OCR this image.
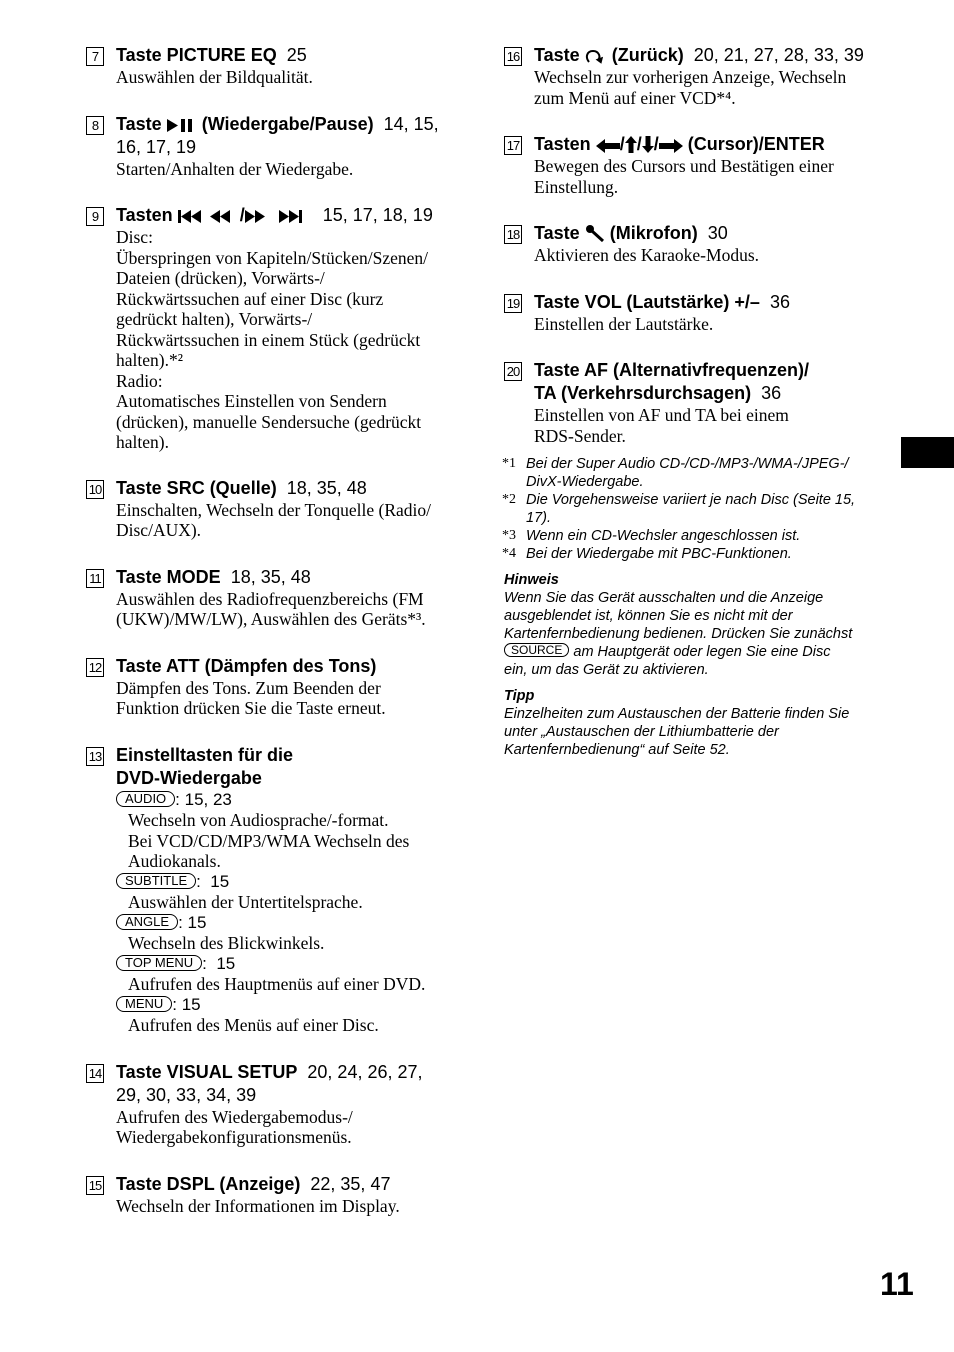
7 Taste PICTURE EQ 25
Auswählen der Bildqualität.
8 Taste (Wiedergabe/Pause) 14, 15, 16, 17, 19
Starten/Anhalten der Wiedergabe.
9 Tasten	/	15, 17, 18, 19
Disc:
Überspringen von Kapiteln/Stücken/Szenen/
Dateien (drücken), Vorwärts-/
Rückwärtssuchen auf einer Disc (kurz
gedrückt halten), Vorwärts-/
Rückwärtssuchen in einem Stück (gedrückt
halten).*²
Radio:
Automatisches Einstellen von Sendern
(drücken), manuelle Sendersuche (gedrückt
halten).
10 Taste SRC (Quelle) 18, 35, 48
Einschalten, Wechseln der Tonquelle (Radio/
Disc/AUX).
11 Taste MODE 18, 35, 48
Auswählen des Radiofrequenzbereichs (FM
(UKW)/MW/LW), Auswählen des Geräts*³.
12 Taste ATT (Dämpfen des Tons)
Dämpfen des Tons. Zum Beenden der
Funktion drücken Sie die Taste erneut.
13 Einstelltasten für die
DVD-Wiedergabe
AUDIO : 15, 23
Wechseln von Audiosprache/-format.
Bei VCD/CD/MP3/WMA Wechseln des
Audiokanals.
SUBTITLE :  15
Auswählen der Untertitelsprache.
ANGLE : 15
Wechseln des Blickwinkels.
TOP MENU :  15
Aufrufen des Hauptmenüs auf einer DVD.
MENU : 15
Aufrufen des Menüs auf einer Disc.
14 Taste VISUAL SETUP 20, 24, 26, 27,
29, 30, 33, 34, 39
Aufrufen des Wiedergabemodus-/
Wiedergabekonfigurationsmenüs.
15 Taste DSPL (Anzeige) 22, 35, 47
Wechseln der Informationen im Display.
16 Taste (Zurück) 20, 21, 27, 28, 33, 39
Wechseln zur vorherigen Anzeige, Wechseln
zum Menü auf einer VCD*⁴.
17 Tasten / / / (Cursor)/ENTER
Bewegen des Cursors und Bestätigen einer
Einstellung.
18 Taste (Mikrofon) 30
Aktivieren des Karaoke-Modus.
19 Taste VOL (Lautstärke) +/– 36
Einstellen der Lautstärke.
20 Taste AF (Alternativfrequenzen)/
TA (Verkehrsdurchsagen) 36
Einstellen von AF und TA bei einem
RDS-Sender.
*1 Bei der Super Audio CD-/CD-/MP3-/WMA-/JPEG-/
DivX-Wiedergabe.
*2 Die Vorgehensweise variiert je nach Disc (Seite 15,
17).
*3 Wenn ein CD-Wechsler angeschlossen ist.
*4 Bei der Wiedergabe mit PBC-Funktionen.
Hinweis
Wenn Sie das Gerät ausschalten und die Anzeige
ausgeblendet ist, können Sie es nicht mit der
Kartenfernbedienung bedienen. Drücken Sie zunächst
SOURCE am Hauptgerät oder legen Sie eine Disc
ein, um das Gerät zu aktivieren.
Tipp
Einzelheiten zum Austauschen der Batterie finden Sie
unter „Austauschen der Lithiumbatterie der
Kartenfernbedienung“ auf Seite 52.
11
